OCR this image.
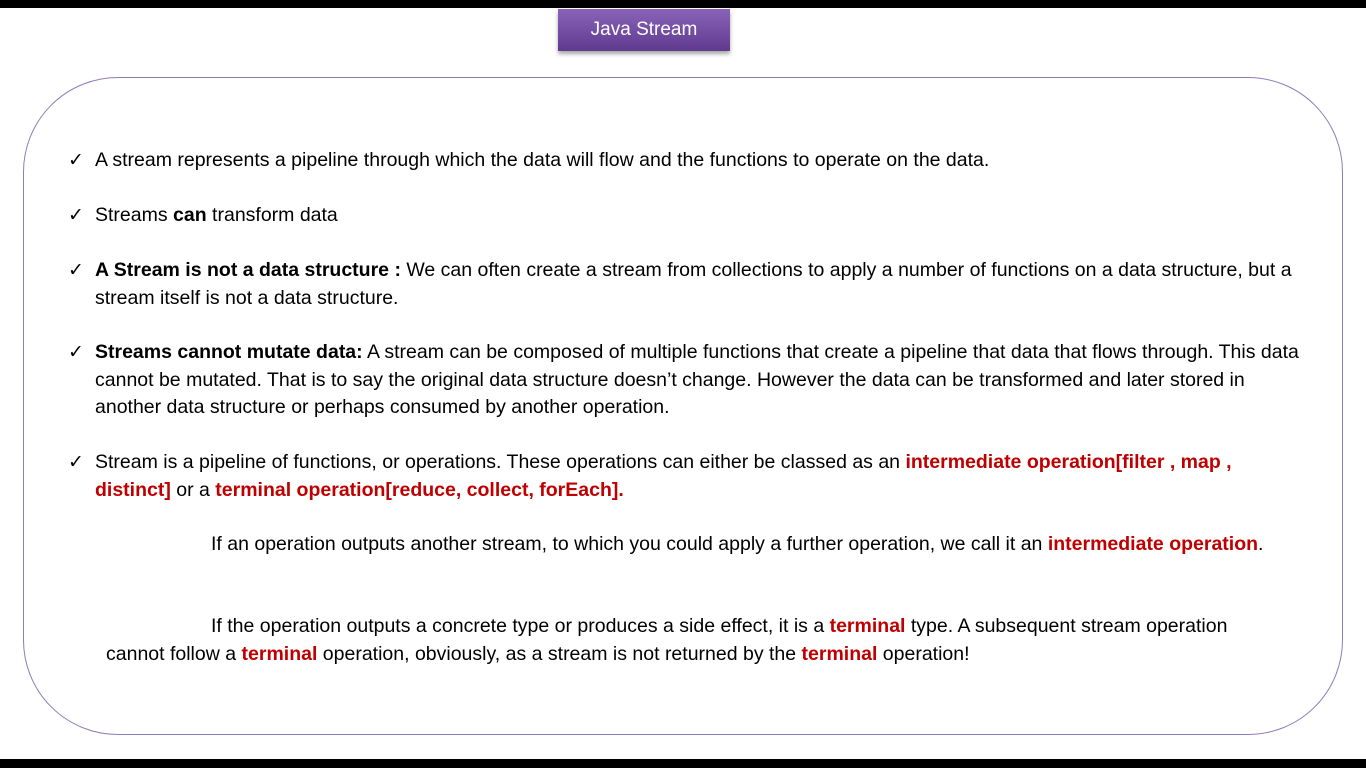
Java Stream
✓ A stream represents a pipeline through which the data will flow and the functions to operate on the data.
✓ Streams can transform data
✓ A Stream is not a data structure : We can often create a stream from collections to apply a number of functions on a data structure, but a stream itself is not a data structure.
✓ Streams cannot mutate data: A stream can be composed of multiple functions that create a pipeline that data that flows through. This data cannot be mutated. That is to say the original data structure doesn’t change. However the data can be transformed and later stored in another data structure or perhaps consumed by another operation.
✓ Stream is a pipeline of functions, or operations. These operations can either be classed as an intermediate operation[filter , map , distinct] or a terminal operation[reduce, collect, forEach].
If an operation outputs another stream, to which you could apply a further operation, we call it an intermediate operation.
If the operation outputs a concrete type or produces a side effect, it is a terminal type. A subsequent stream operation cannot follow a terminal operation, obviously, as a stream is not returned by the terminal operation!
